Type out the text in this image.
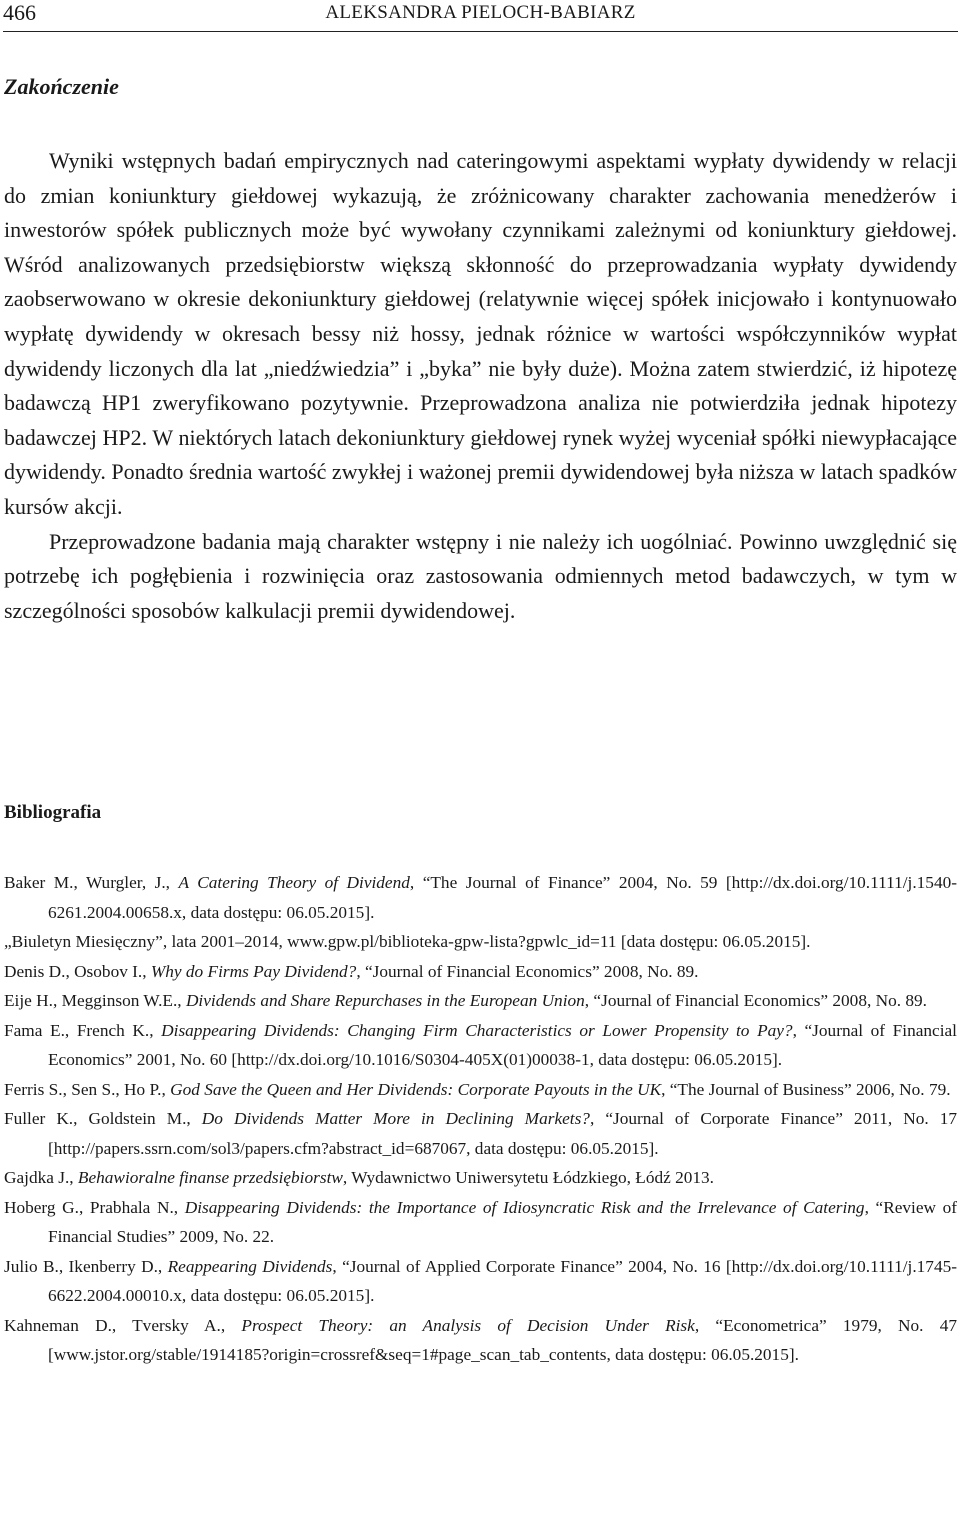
466	ALEKSANDRA PIELOCH-BABIARZ
Zakończenie

Wyniki wstępnych badań empirycznych nad cateringowymi aspektami wypłaty dywidendy w relacji do zmian koniunktury giełdowej wykazują, że zróżnicowany charakter zachowania menedżerów i inwestorów spółek publicznych może być wywołany czynnikami zależnymi od koniunktury giełdowej. Wśród analizowanych przedsiębiorstw większą skłonność do przeprowadzania wypłaty dywidendy zaobserwowano w okresie dekoniunktury giełdowej (relatywnie więcej spółek inicjowało i kontynuowało wypłatę dywidendy w okresach bessy niż hossy, jednak różnice w wartości współczynników wypłat dywidendy liczonych dla lat „niedźwiedzia” i „byka” nie były duże). Można zatem stwierdzić, iż hipotezę badawczą HP1 zweryfikowano pozytywnie. Przeprowadzona analiza nie potwierdziła jednak hipotezy badawczej HP2. W niektórych latach dekoniunktury giełdowej rynek wyżej wyceniał spółki niewypłacające dywidendy. Ponadto średnia wartość zwykłej i ważonej premii dywidendowej była niższa w latach spadków kursów akcji.

Przeprowadzone badania mają charakter wstępny i nie należy ich uogólniać. Powinno uwzględnić się potrzebę ich pogłębienia i rozwinięcia oraz zastosowania odmiennych metod badawczych, w tym w szczególności sposobów kalkulacji premii dywidendowej.

Bibliografia
Baker M., Wurgler, J., A Catering Theory of Dividend, “The Journal of Finance” 2004, No. 59 [http://dx.doi.org/10.1111/j.1540-6261.2004.00658.x, data dostępu: 06.05.2015].
„Biuletyn Miesięczny”, lata 2001–2014, www.gpw.pl/biblioteka-gpw-lista?gpwlc_id=11 [data dostępu: 06.05.2015].
Denis D., Osobov I., Why do Firms Pay Dividend?, “Journal of Financial Economics” 2008, No. 89.
Eije H., Megginson W.E., Dividends and Share Repurchases in the European Union, “Journal of Financial Economics” 2008, No. 89.
Fama E., French K., Disappearing Dividends: Changing Firm Characteristics or Lower Propensity to Pay?, “Journal of Financial Economics” 2001, No. 60 [http://dx.doi.org/10.1016/S0304-405X(01)00038-1, data dostępu: 06.05.2015].
Ferris S., Sen S., Ho P., God Save the Queen and Her Dividends: Corporate Payouts in the UK, “The Journal of Business” 2006, No. 79.
Fuller K., Goldstein M., Do Dividends Matter More in Declining Markets?, “Journal of Corporate Finance” 2011, No. 17 [http://papers.ssrn.com/sol3/papers.cfm?abstract_id=687067, data dostępu: 06.05.2015].
Gajdka J., Behawioralne finanse przedsiębiorstw, Wydawnictwo Uniwersytetu Łódzkiego, Łódź 2013.
Hoberg G., Prabhala N., Disappearing Dividends: the Importance of Idiosyncratic Risk and the Irrelevance of Catering, “Review of Financial Studies” 2009, No. 22.
Julio B., Ikenberry D., Reappearing Dividends, “Journal of Applied Corporate Finance” 2004, No. 16 [http://dx.doi.org/10.1111/j.1745-6622.2004.00010.x, data dostępu: 06.05.2015].
Kahneman D., Tversky A., Prospect Theory: an Analysis of Decision Under Risk, “Econometrica” 1979, No. 47 [www.jstor.org/stable/1914185?origin=crossref&seq=1#page_scan_tab_contents, data dostępu: 06.05.2015].
